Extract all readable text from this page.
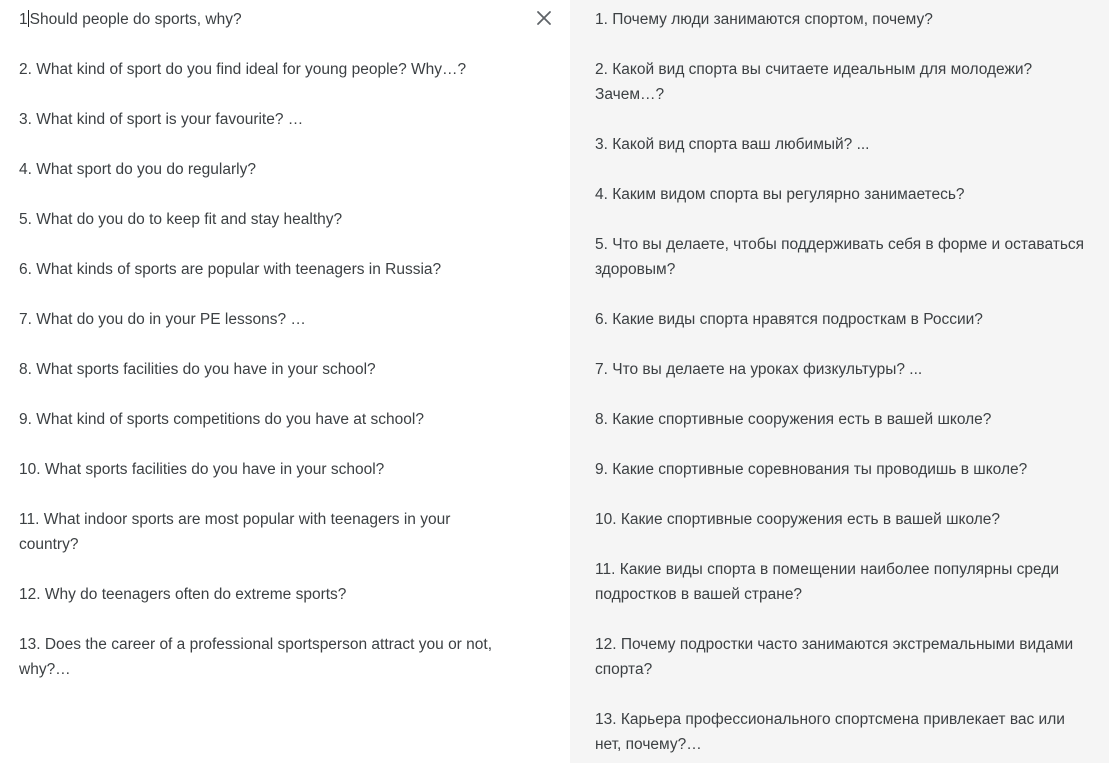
1 Should people do sports, why?
2. What kind of sport do you find ideal for young people? Why…?
3. What kind of sport is your favourite? …
4. What sport do you do regularly?
5. What do you do to keep fit and stay healthy?
6. What kinds of sports are popular with teenagers in Russia?
7. What do you do in your PE lessons? …
8. What sports facilities do you have in your school?
9. What kind of sports competitions do you have at school?
10. What sports facilities do you have in your school?
11. What indoor sports are most popular with teenagers in your country?
12. Why do teenagers often do extreme sports?
13. Does the career of a professional sportsperson attract you or not, why?…
1. Почему люди занимаются спортом, почему?
2. Какой вид спорта вы считаете идеальным для молодежи? Зачем…?
3. Какой вид спорта ваш любимый? ...
4. Каким видом спорта вы регулярно занимаетесь?
5. Что вы делаете, чтобы поддерживать себя в форме и оставаться здоровым?
6. Какие виды спорта нравятся подросткам в России?
7. Что вы делаете на уроках физкультуры? ...
8. Какие спортивные сооружения есть в вашей школе?
9. Какие спортивные соревнования ты проводишь в школе?
10. Какие спортивные сооружения есть в вашей школе?
11. Какие виды спорта в помещении наиболее популярны среди подростков в вашей стране?
12. Почему подростки часто занимаются экстремальными видами спорта?
13. Карьера профессионального спортсмена привлекает вас или нет, почему?…
